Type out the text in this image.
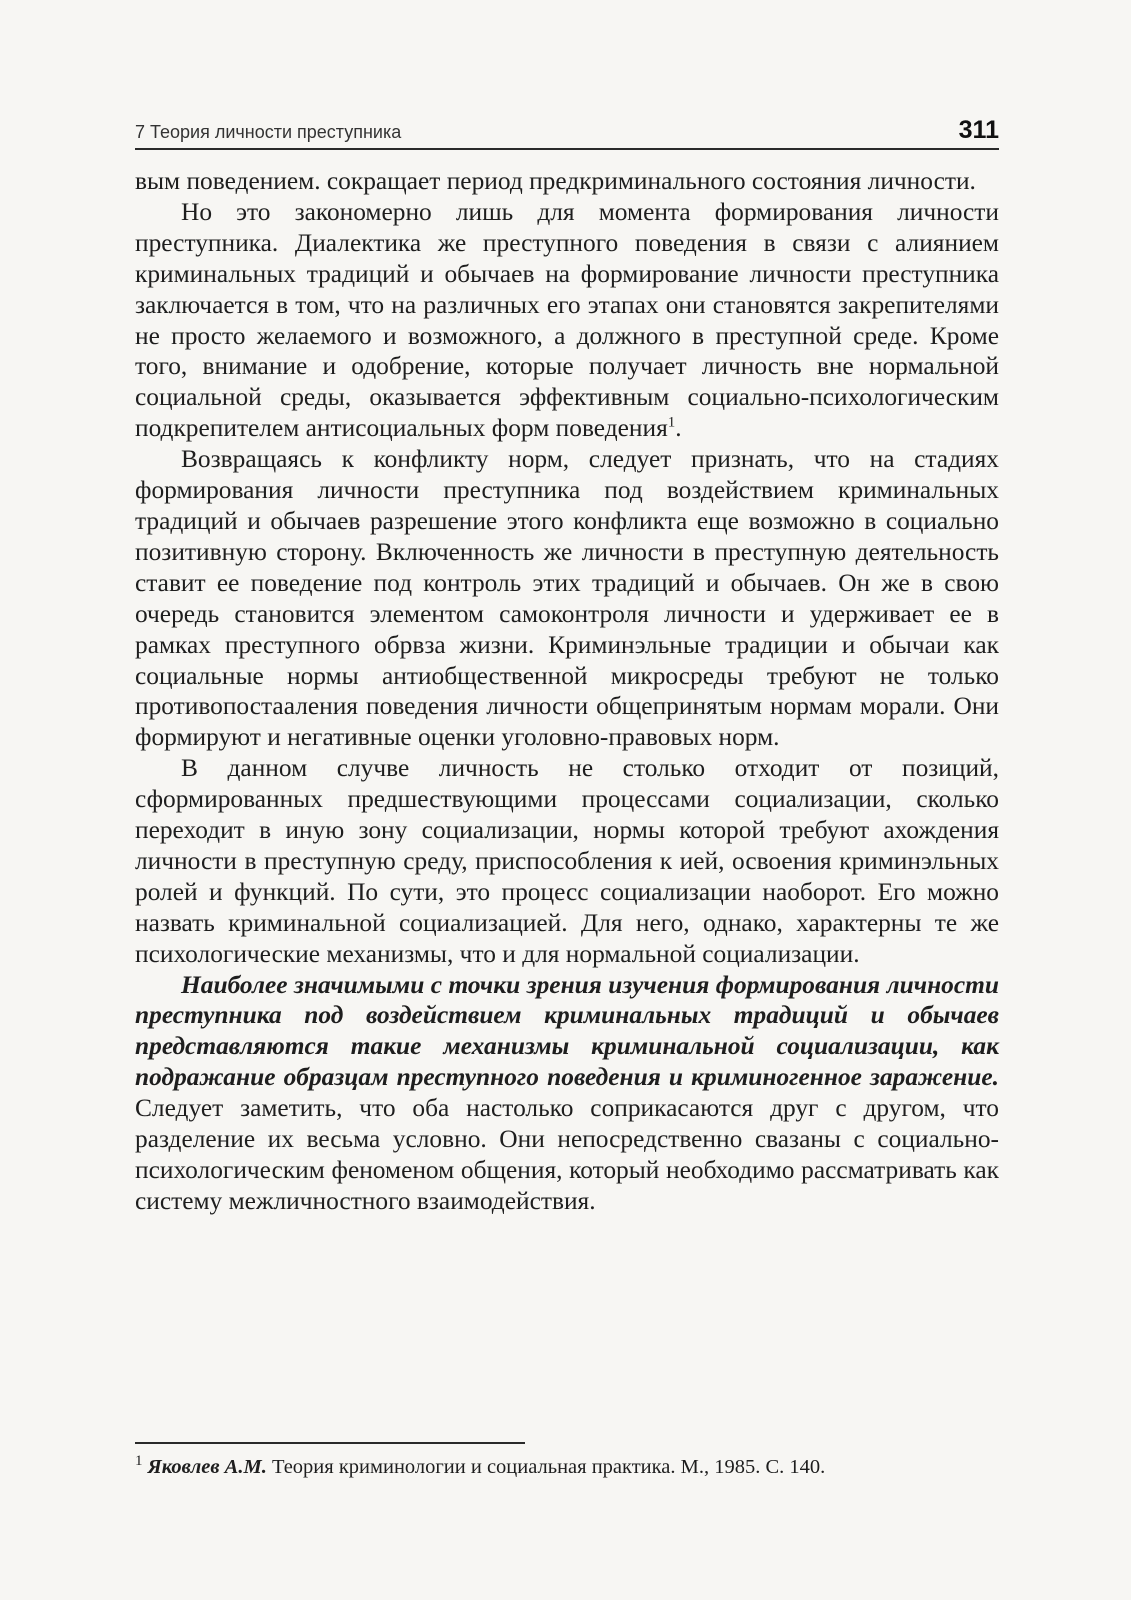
7 Теория личности преступника	311

вым поведением. сокращает период предкриминального состояния личности.

Но это закономерно лишь для момента формирования личности преступника. Диалектика же преступного поведения в связи с алиянием криминальных традиций и обычаев на формирование личности преступника заключается в том, что на различных его этапах они становятся закрепителями не просто желаемого и возможного, а должного в преступной среде. Кроме того, внимание и одобрение, которые получает личность вне нормальной социальной среды, оказывается эффективным социально-психологическим подкрепителем антисоциальных форм поведения$^1$.

Возвращаясь к конфликту норм, следует признать, что на стадиях формирования личности преступника под воздействием криминальных традиций и обычаев разрешение этого конфликта еще возможно в социально позитивную сторону. Включенность же личности в преступную деятельность ставит ее поведение под контроль этих традиций и обычаев. Он же в свою очередь становится элементом самоконтроля личности и удерживает ее в рамках преступного обрвза жизни. Криминэльные традиции и обычаи как социальные нормы антиобщественной микросреды требуют не только противопостааления поведения личности общепринятым нормам морали. Они формируют и негативные оценки уголовно-правовых норм.

В данном случве личность не столько отходит от позиций, сформированных предшествующими процессами социализации, сколько переходит в иную зону социализации, нормы которой требуют ахождения личности в преступную среду, приспособления к ией, освоения криминэльных ролей и функций. По сути, это процесс социализации наоборот. Его можно назвать криминальной социализацией. Для него, однако, характерны те же психологические механизмы, что и для нормальной социализации.

Наиболее значимыми с точки зрения изучения формирования личности преступника под воздействием криминальных традиций и обычаев представляются такие механизмы криминальной социализации, как подражание образцам преступного поведения и криминогенное заражение. Следует заметить, что оба настолько соприкасаются друг с другом, что разделение их весьма условно. Они непосредственно свазаны с социально-психологическим феноменом общения, который необходимо рассматривать как систему межличностного взаимодействия.

$^1$ Яковлев А.М. Теория криминологии и социальная практика. М., 1985. С. 140.
